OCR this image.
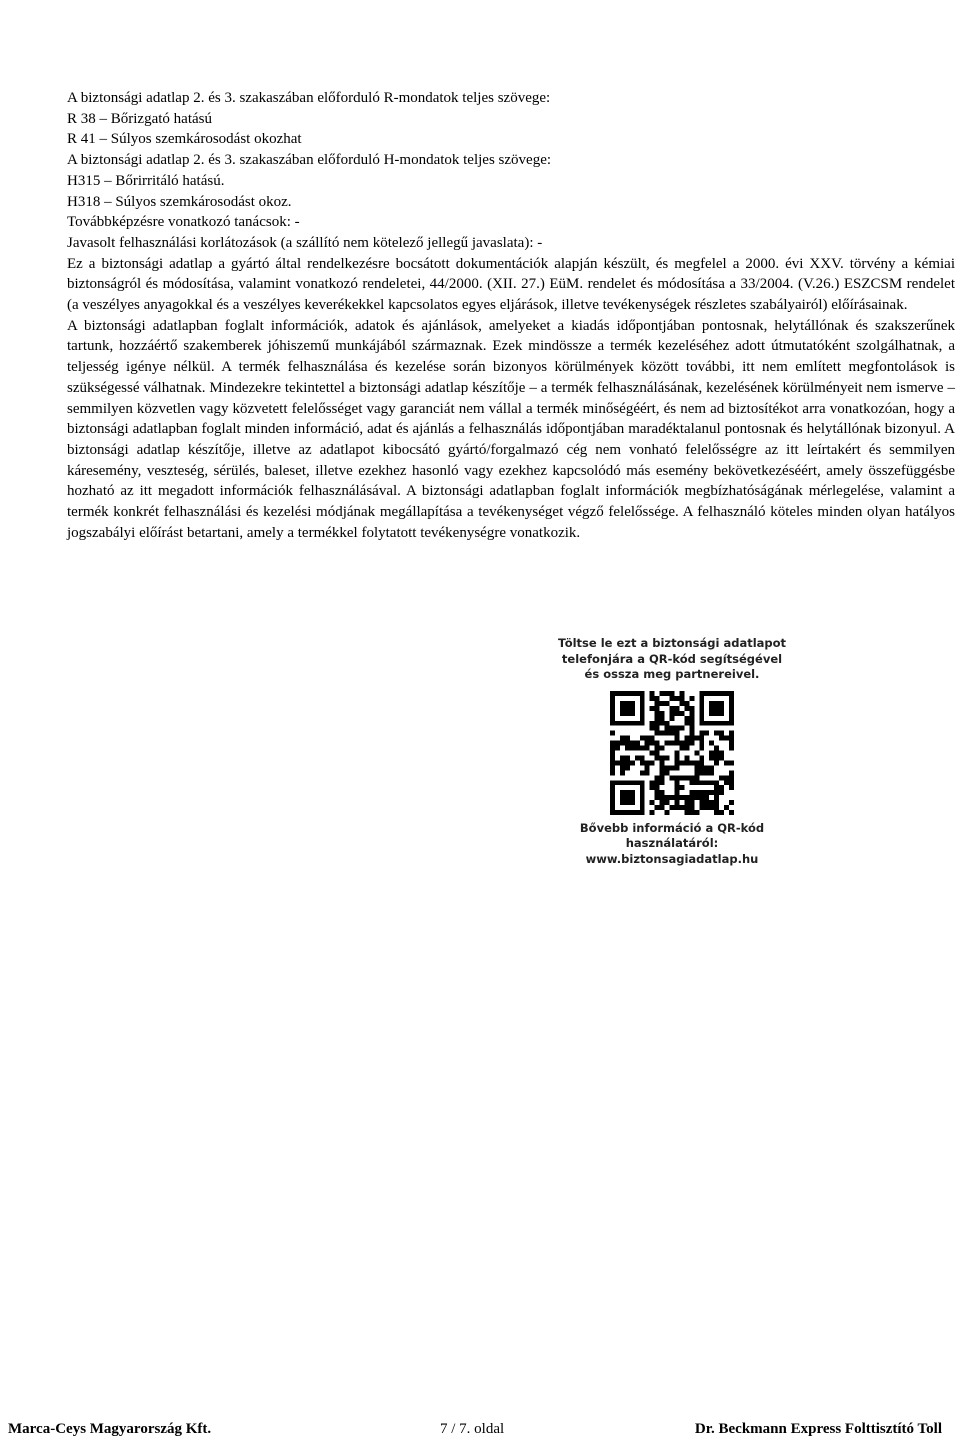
Elkészítés időpontja: 2006. szeptember 21.
Felülvizsgálat időpontja: 2012. december 3.
Verziószám: 2
http://www.biztonsagiadatlap.hu

A biztonsági adatlap 2. és 3. szakaszában előforduló R-mondatok teljes szövege:

R 38 – Bőrizgató hatású

R 41 – Súlyos szemkárosodást okozhat

A biztonsági adatlap 2. és 3. szakaszában előforduló H-mondatok teljes szövege:

H315 – Bőrirritáló hatású.

H318 – Súlyos szemkárosodást okoz.

Továbbképzésre vonatkozó tanácsok: -

Javasolt felhasználási korlátozások (a szállító nem kötelező jellegű javaslata): -

Ez a biztonsági adatlap a gyártó által rendelkezésre bocsátott dokumentációk alapján készült, és megfelel a 2000. évi XXV. törvény a kémiai biztonságról és módosítása, valamint vonatkozó rendeletei, 44/2000. (XII. 27.) EüM. rendelet és módosítása a 33/2004. (V.26.) ESZCSM rendelet (a veszélyes anyagokkal és a veszélyes keverékekkel kapcsolatos egyes eljárások, illetve tevékenységek részletes szabályairól) előírásainak.

A biztonsági adatlapban foglalt információk, adatok és ajánlások, amelyeket a kiadás időpontjában pontosnak, helytállónak és szakszerűnek tartunk, hozzáértő szakemberek jóhiszemű munkájából származnak. Ezek mindössze a termék kezeléséhez adott útmutatóként szolgálhatnak, a teljesség igénye nélkül. A termék felhasználása és kezelése során bizonyos körülmények között további, itt nem említett megfontolások is szükségessé válhatnak. Mindezekre tekintettel a biztonsági adatlap készítője – a termék felhasználásának, kezelésének körülményeit nem ismerve – semmilyen közvetlen vagy közvetett felelősséget vagy garanciát nem vállal a termék minőségéért, és nem ad biztosítékot arra vonatkozóan, hogy a biztonsági adatlapban foglalt minden információ, adat és ajánlás a felhasználás időpontjában maradéktalanul pontosnak és helytállónak bizonyul. A biztonsági adatlap készítője, illetve az adatlapot kibocsátó gyártó/forgalmazó cég nem vonható felelősségre az itt leírtakért és semmilyen káresemény, veszteség, sérülés, baleset, illetve ezekhez hasonló vagy ezekhez kapcsolódó más esemény bekövetkezéséért, amely összefüggésbe hozható az itt megadott információk felhasználásával. A biztonsági adatlapban foglalt információk megbízhatóságának mérlegelése, valamint a termék konkrét felhasználási és kezelési módjának megállapítása a tevékenységet végző felelőssége. A felhasználó köteles minden olyan hatályos jogszabályi előírást betartani, amely a termékkel folytatott tevékenységre vonatkozik.

Töltse le ezt a biztonsági adatlapot
telefonjára a QR-kód segítségével
és ossza meg partnereivel.
Bővebb információ a QR-kód
használatáról:
www.biztonsagiadatlap.hu
Marca-Ceys Magyarország Kft.	7 / 7. oldal	Dr. Beckmann Express Folttisztító Toll
